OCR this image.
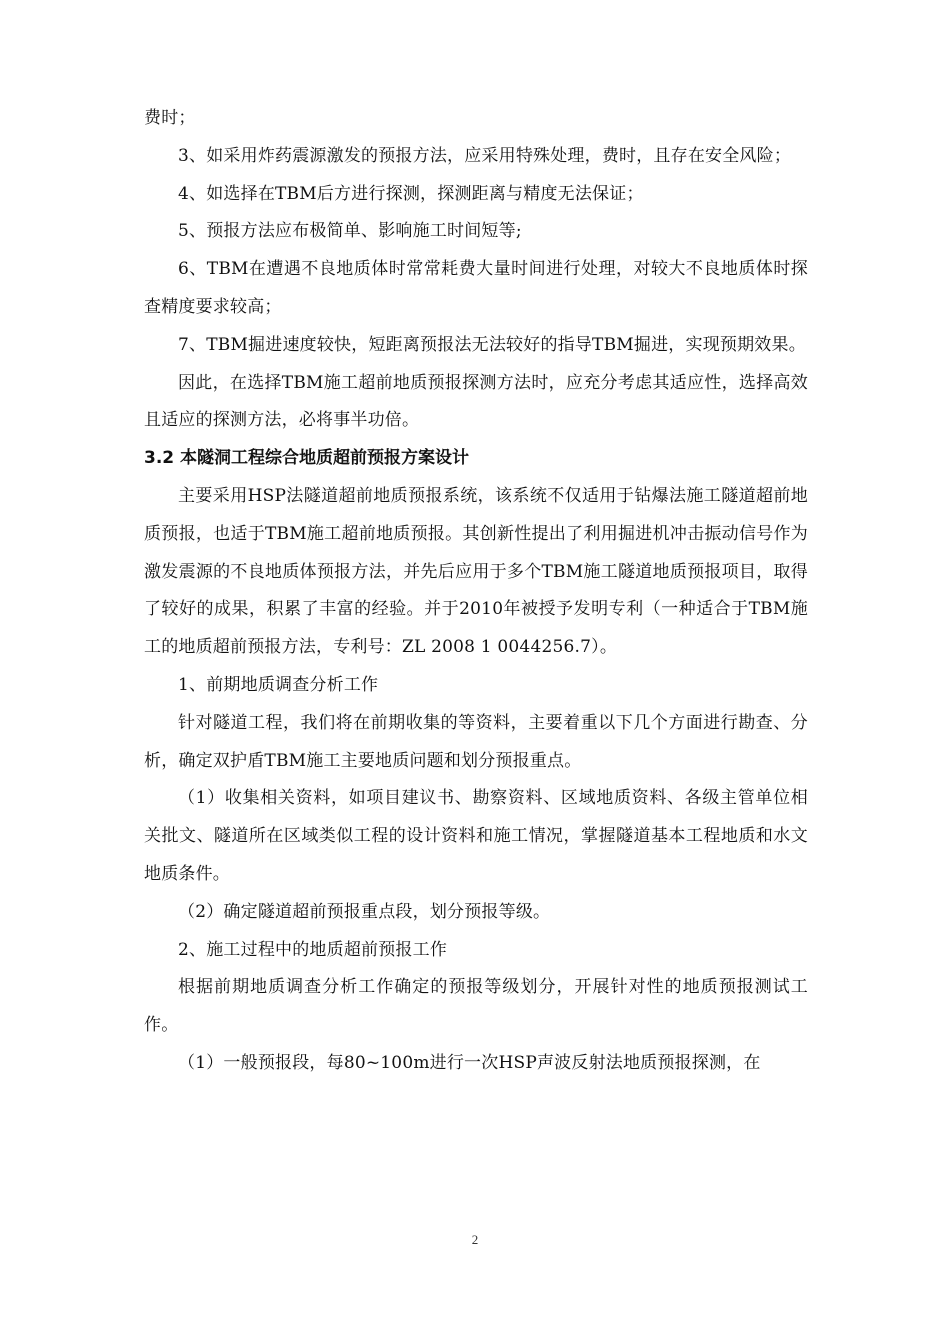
费时；

3、如采用炸药震源激发的预报方法，应采用特殊处理，费时，且存在安全风险；

4、如选择在TBM后方进行探测，探测距离与精度无法保证；

5、预报方法应布极简单、影响施工时间短等;

6、TBM在遭遇不良地质体时常常耗费大量时间进行处理，对较大不良地质体时探查精度要求较高；

7、TBM掘进速度较快，短距离预报法无法较好的指导TBM掘进，实现预期效果。

因此，在选择TBM施工超前地质预报探测方法时，应充分考虑其适应性，选择高效且适应的探测方法，必将事半功倍。

3.2 本隧洞工程综合地质超前预报方案设计

主要采用HSP法隧道超前地质预报系统，该系统不仅适用于钻爆法施工隧道超前地质预报，也适于TBM施工超前地质预报。其创新性提出了利用掘进机冲击振动信号作为激发震源的不良地质体预报方法，并先后应用于多个TBM施工隧道地质预报项目，取得了较好的成果，积累了丰富的经验。并于2010年被授予发明专利（一种适合于TBM施工的地质超前预报方法，专利号：ZL 2008 1 0044256.7）。

1、前期地质调查分析工作

针对隧道工程，我们将在前期收集的等资料，主要着重以下几个方面进行勘查、分析，确定双护盾TBM施工主要地质问题和划分预报重点。

（1）收集相关资料，如项目建议书、勘察资料、区域地质资料、各级主管单位相关批文、隧道所在区域类似工程的设计资料和施工情况，掌握隧道基本工程地质和水文地质条件。

（2）确定隧道超前预报重点段，划分预报等级。

2、施工过程中的地质超前预报工作

根据前期地质调查分析工作确定的预报等级划分，开展针对性的地质预报测试工作。

（1）一般预报段，每80~100m进行一次HSP声波反射法地质预报探测，在

2
